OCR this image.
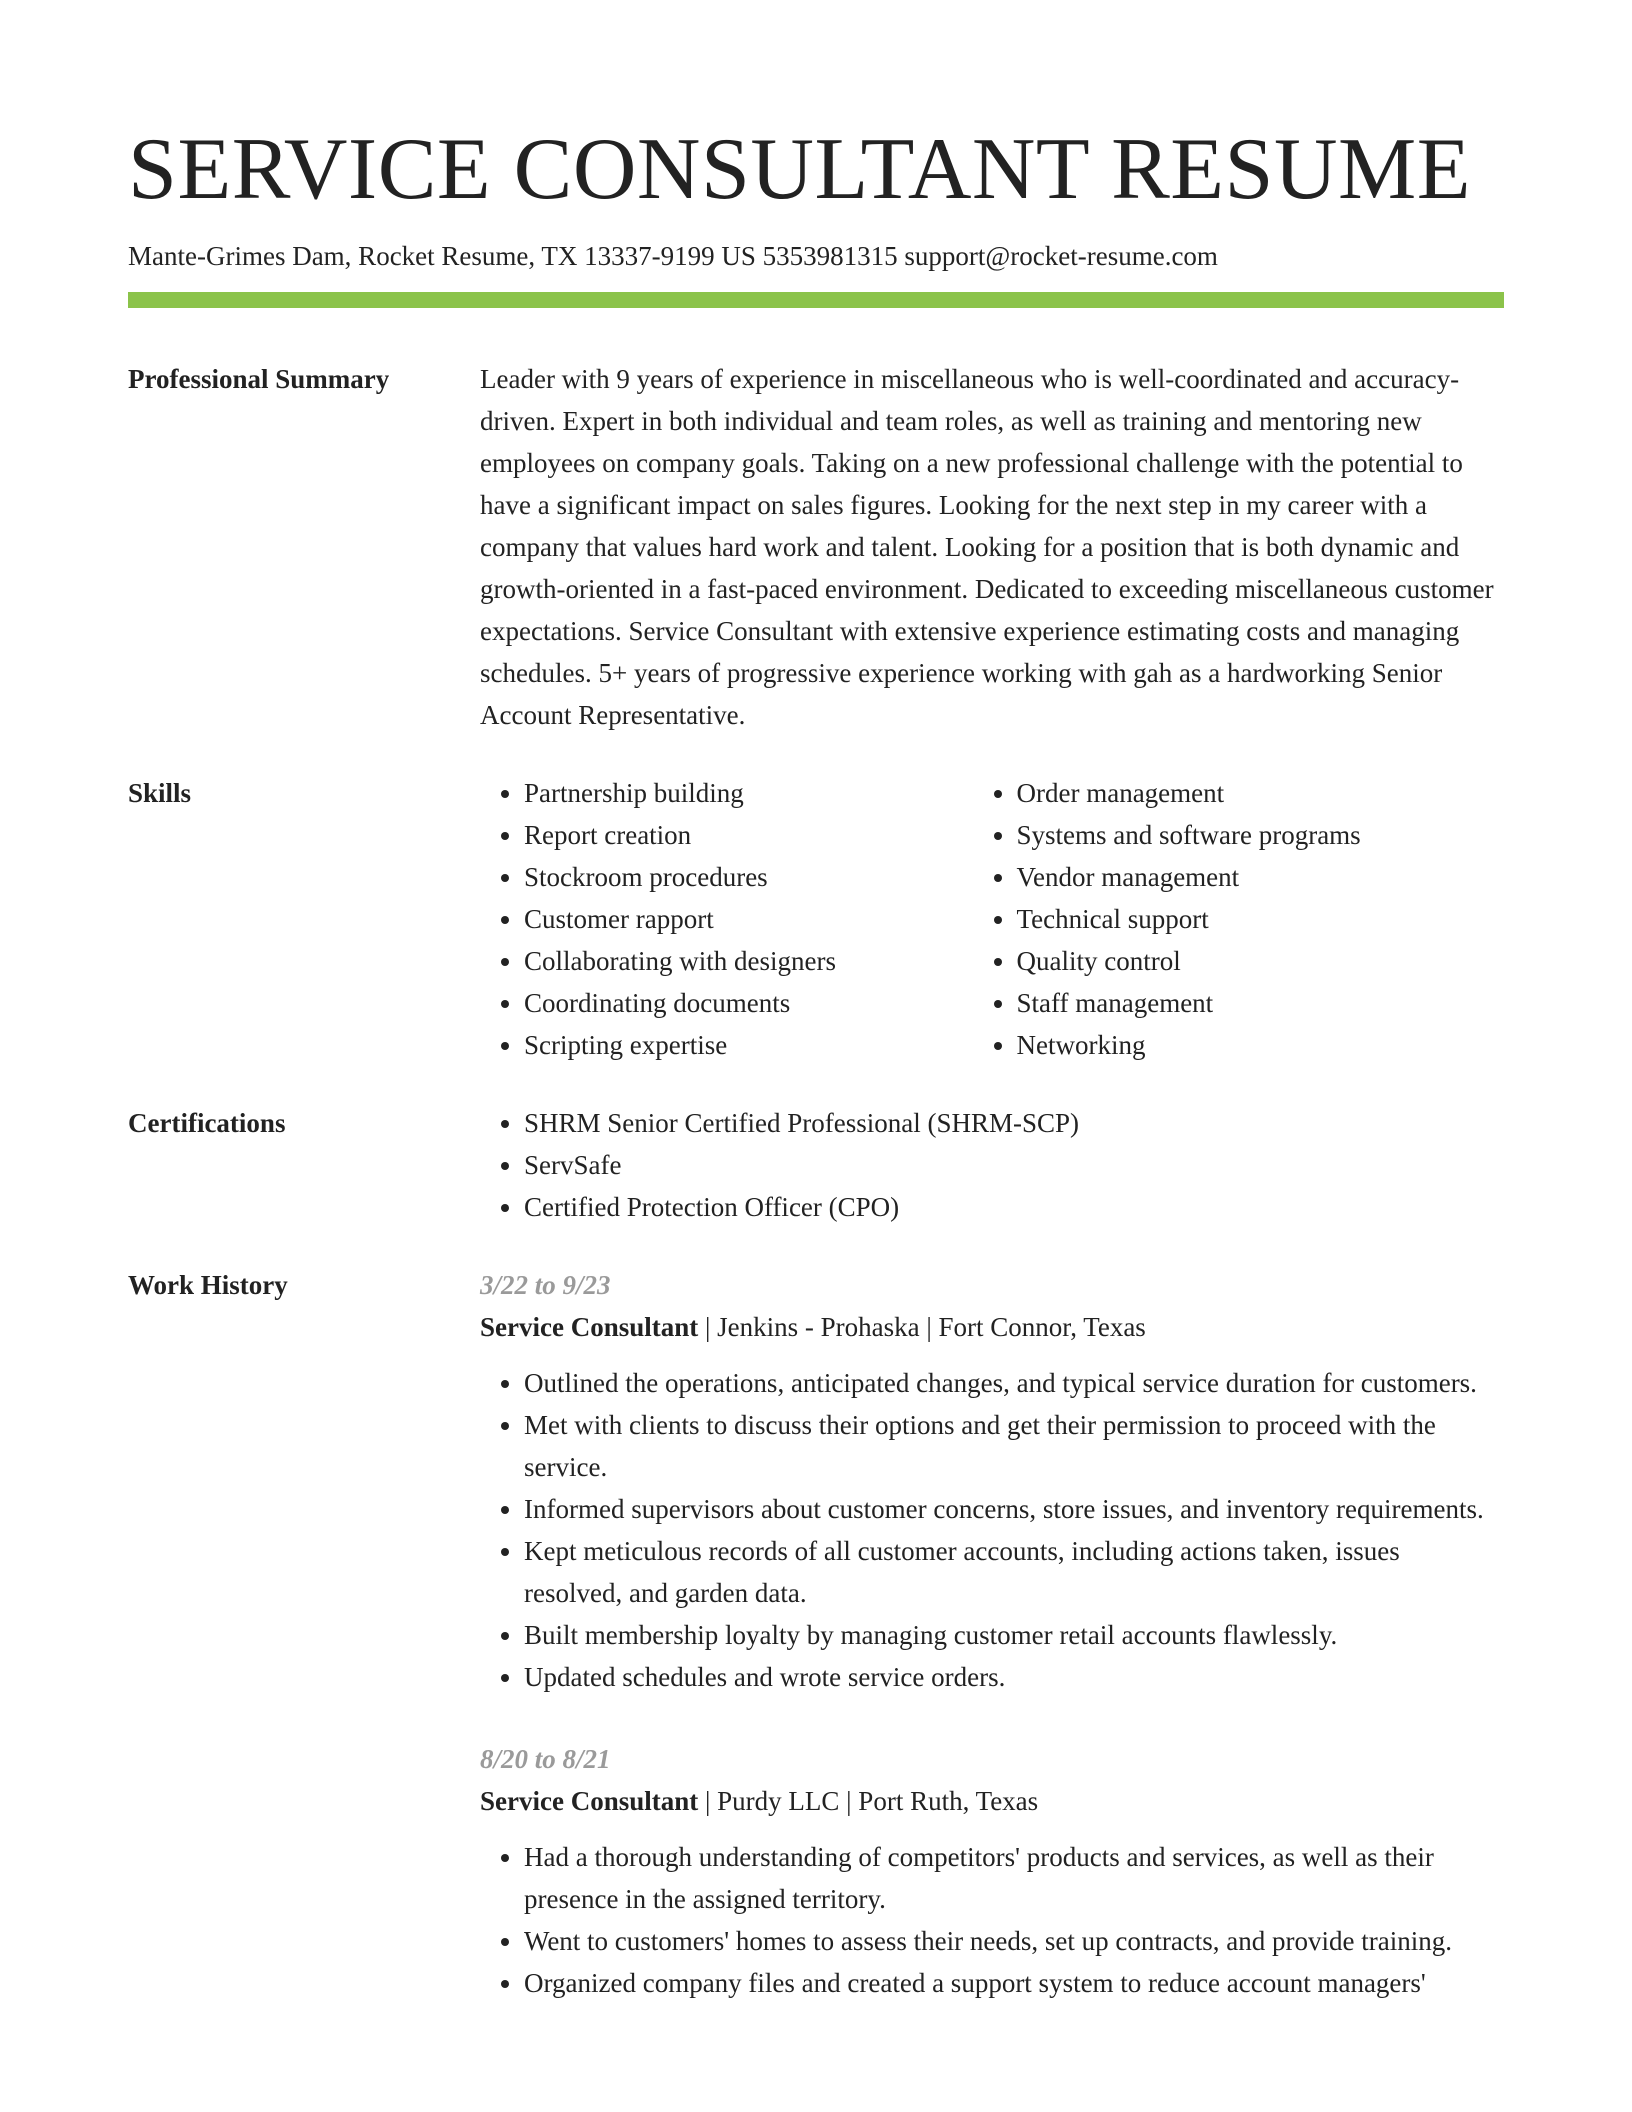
SERVICE CONSULTANT RESUME
Mante-Grimes Dam, Rocket Resume, TX 13337-9199 US 5353981315 support@rocket-resume.com
Professional Summary	Leader with 9 years of experience in miscellaneous who is well-coordinated and accuracy-driven. Expert in both individual and team roles, as well as training and mentoring new employees on company goals. Taking on a new professional challenge with the potential to have a significant impact on sales figures. Looking for the next step in my career with a company that values hard work and talent. Looking for a position that is both dynamic and growth-oriented in a fast-paced environment. Dedicated to exceeding miscellaneous customer expectations. Service Consultant with extensive experience estimating costs and managing schedules. 5+ years of progressive experience working with gah as a hardworking Senior Account Representative.

Skills	• Partnership building
• Report creation
• Stockroom procedures
• Customer rapport
• Collaborating with designers
• Coordinating documents
• Scripting expertise
• Order management
• Systems and software programs
• Vendor management
• Technical support
• Quality control
• Staff management
• Networking
Certifications	• SHRM Senior Certified Professional (SHRM-SCP)
• ServSafe
• Certified Protection Officer (CPO)
Work History	3/22 to 9/23
Service Consultant | Jenkins - Prohaska | Fort Connor, Texas
• Outlined the operations, anticipated changes, and typical service duration for customers.
• Met with clients to discuss their options and get their permission to proceed with the service.
• Informed supervisors about customer concerns, store issues, and inventory requirements.
• Kept meticulous records of all customer accounts, including actions taken, issues resolved, and garden data.
• Built membership loyalty by managing customer retail accounts flawlessly.
• Updated schedules and wrote service orders.
8/20 to 8/21
Service Consultant | Purdy LLC | Port Ruth, Texas
• Had a thorough understanding of competitors' products and services, as well as their presence in the assigned territory.
• Went to customers' homes to assess their needs, set up contracts, and provide training.
• Organized company files and created a support system to reduce account managers'
